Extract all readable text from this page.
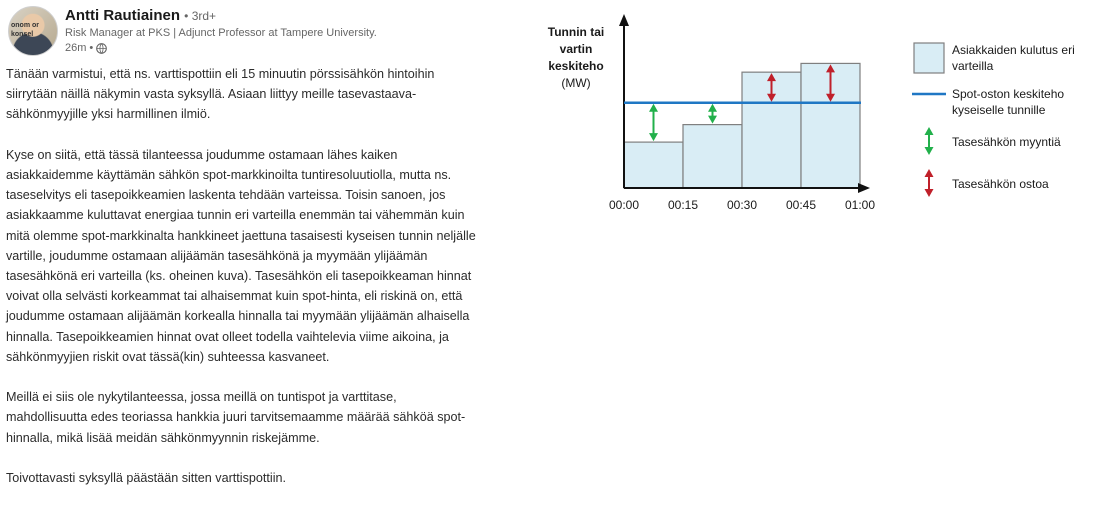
onom or
konsel
Antti Rautiainen • 3rd+
Risk Manager at PKS | Adjunct Professor at Tampere University.
26m •

Tänään varmistui, että ns. varttispottiin eli 15 minuutin pörssisähkön hintoihin
siirrytään näillä näkymin vasta syksyllä. Asiaan liittyy meille tasevastaava-
sähkönmyyjille yksi harmillinen ilmiö.

Kyse on siitä, että tässä tilanteessa joudumme ostamaan lähes kaiken
asiakkaidemme käyttämän sähkön spot-markkinoilta tuntiresoluutiolla, mutta ns.
taseselvitys eli tasepoikkeamien laskenta tehdään varteissa. Toisin sanoen, jos
asiakkaamme kuluttavat energiaa tunnin eri varteilla enemmän tai vähemmän kuin
mitä olemme spot-markkinalta hankkineet jaettuna tasaisesti kyseisen tunnin neljälle
vartille, joudumme ostamaan alijäämän tasesähkönä ja myymään ylijäämän
tasesähkönä eri varteilla (ks. oheinen kuva). Tasesähkön eli tasepoikkeaman hinnat
voivat olla selvästi korkeammat tai alhaisemmat kuin spot-hinta, eli riskinä on, että
joudumme ostamaan alijäämän korkealla hinnalla tai myymään ylijäämän alhaisella
hinnalla. Tasepoikkeamien hinnat ovat olleet todella vaihtelevia viime aikoina, ja
sähkönmyyjien riskit ovat tässä(kin) suhteessa kasvaneet.

Meillä ei siis ole nykytilanteessa, jossa meillä on tuntispot ja varttitase,
mahdollisuutta edes teoriassa hankkia juuri tarvitsemaamme määrää sähköä spot-
hinnalla, mikä lisää meidän sähkönmyynnin riskejämme.

Toivottavasti syksyllä päästään sitten varttispottiin.

Tunnin tai
vartin
keskiteho
(MW)
00:00 00:15 00:30 00:45 01:00
Asiakkaiden kulutus eri
varteilla
Spot-oston keskiteho
kyseiselle tunnille
Tasesähkön myyntiä
Tasesähkön ostoa
